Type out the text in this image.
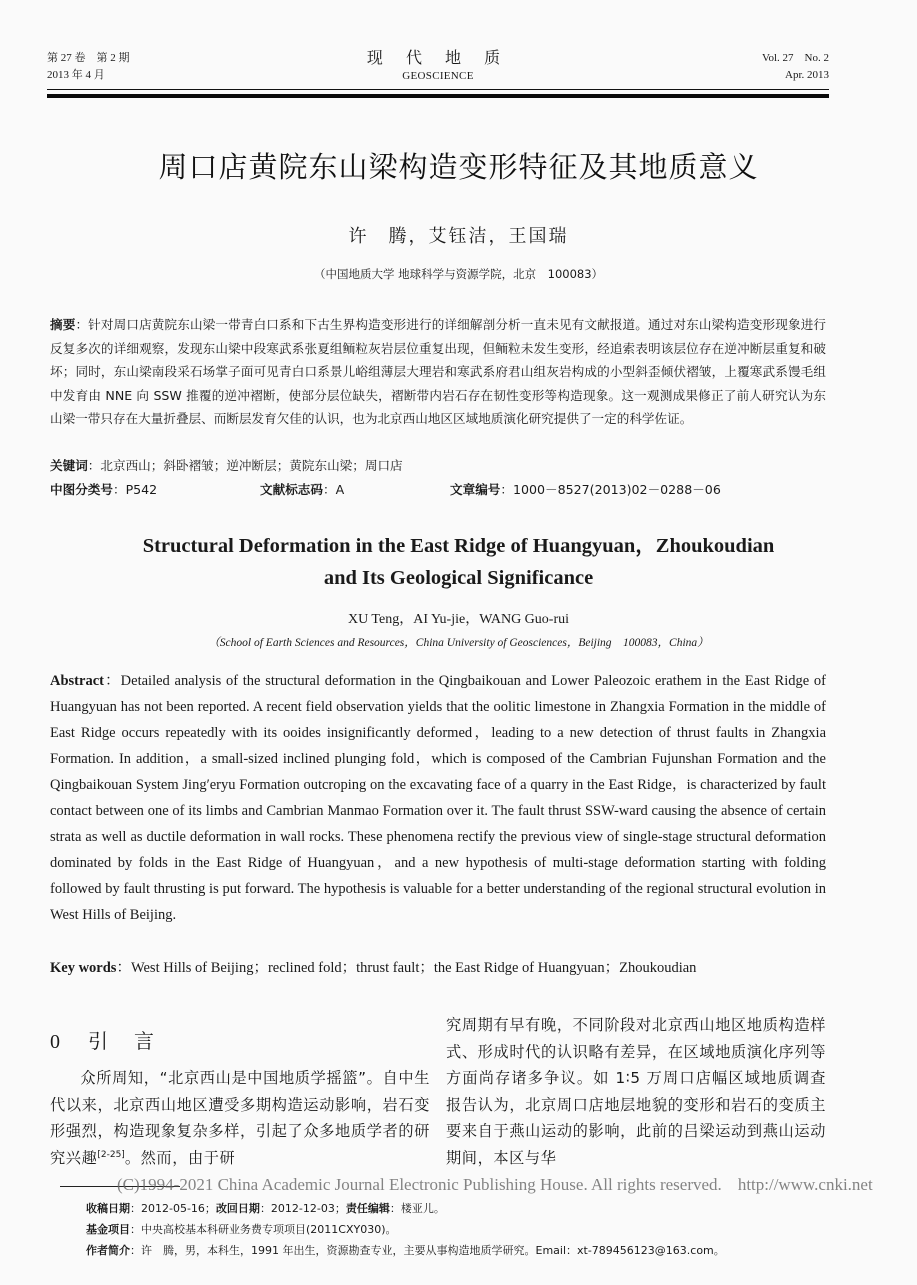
第 27 卷　第 2 期
2013 年 4 月
现 代 地 质
GEOSCIENCE
Vol. 27　No. 2
Apr. 2013
周口店黄院东山梁构造变形特征及其地质意义
许　腾，艾钰洁，王国瑞
（中国地质大学 地球科学与资源学院，北京　100083）
摘要：针对周口店黄院东山梁一带青白口系和下古生界构造变形进行的详细解剖分析一直未见有文献报道。通过对东山梁构造变形现象进行反复多次的详细观察，发现东山梁中段寒武系张夏组鲕粒灰岩层位重复出现，但鲕粒未发生变形，经追索表明该层位存在逆冲断层重复和破坏；同时，东山梁南段采石场掌子面可见青白口系景儿峪组薄层大理岩和寒武系府君山组灰岩构成的小型斜歪倾伏褶皱，上覆寒武系馒毛组中发育由 NNE 向 SSW 推覆的逆冲褶断，使部分层位缺失，褶断带内岩石存在韧性变形等构造现象。这一观测成果修正了前人研究认为东山梁一带只存在大量折叠层、而断层发育欠佳的认识，也为北京西山地区区域地质演化研究提供了一定的科学佐证。
关键词：北京西山；斜卧褶皱；逆冲断层；黄院东山梁；周口店
中图分类号：P542	文献标志码：A	文章编号：1000－8527(2013)02－0288－06
Structural Deformation in the East Ridge of Huangyuan，Zhoukoudian
and Its Geological Significance
XU Teng，AI Yu-jie，WANG Guo-rui
（School of Earth Sciences and Resources，China University of Geosciences，Beijing　100083，China）
Abstract：Detailed analysis of the structural deformation in the Qingbaikouan and Lower Paleozoic erathem in the East Ridge of Huangyuan has not been reported. A recent field observation yields that the oolitic limestone in Zhangxia Formation in the middle of East Ridge occurs repeatedly with its ooides insignificantly deformed，leading to a new detection of thrust faults in Zhangxia Formation. In addition，a small-sized inclined plunging fold，which is composed of the Cambrian Fujunshan Formation and the Qingbaikouan System Jing′eryu Formation outcroping on the excavating face of a quarry in the East Ridge，is characterized by fault contact between one of its limbs and Cambrian Manmao Formation over it. The fault thrust SSW-ward causing the absence of certain strata as well as ductile deformation in wall rocks. These phenomena rectify the previous view of single-stage structural deformation dominated by folds in the East Ridge of Huangyuan，and a new hypothesis of multi-stage deformation starting with folding followed by fault thrusting is put forward. The hypothesis is valuable for a better understanding of the regional structural evolution in West Hills of Beijing.
Key words：West Hills of Beijing；reclined fold；thrust fault；the East Ridge of Huangyuan；Zhoukoudian
0 引 言
众所周知，“北京西山是中国地质学摇篮”。自中生代以来，北京西山地区遭受多期构造运动影响，岩石变形强烈，构造现象复杂多样，引起了众多地质学者的研究兴趣[2-25]。然而，由于研
究周期有早有晚，不同阶段对北京西山地区地质构造样式、形成时代的认识略有差异，在区域地质演化序列等方面尚存诸多争议。如 1∶5 万周口店幅区域地质调查报告认为，北京周口店地层地貌的变形和岩石的变质主要来自于燕山运动的影响，此前的吕梁运动到燕山运动期间，本区与华
(C)1994-2021 China Academic Journal Electronic Publishing House. All rights reserved. http://www.cnki.net
收稿日期：2012-05-16；改回日期：2012-12-03；责任编辑：楼亚儿。
基金项目：中央高校基本科研业务费专项项目(2011CXY030)。
作者简介：许　腾，男，本科生，1991 年出生，资源勘查专业，主要从事构造地质学研究。Email：xt-789456123@163.com。
